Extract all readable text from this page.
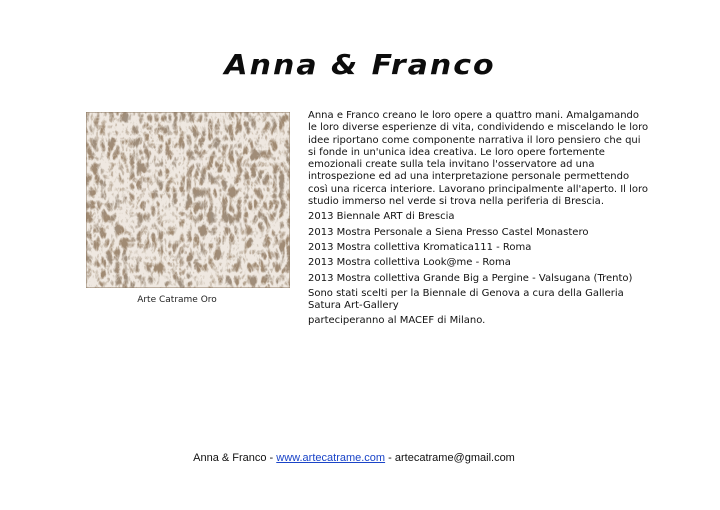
Anna & Franco
Arte Catrame Oro

Anna e Franco creano le loro opere a quattro mani. Amalgamando le loro diverse esperienze di vita, condividendo e miscelando le loro idee riportano come componente narrativa il loro pensiero che qui si fonde in un'unica idea creativa. Le loro opere fortemente emozionali create sulla tela invitano l'osservatore ad una introspezione ed ad una interpretazione personale permettendo così una ricerca interiore. Lavorano principalmente all'aperto. Il loro studio immerso nel verde si trova nella periferia di Brescia.

2013 Biennale ART di Brescia

2013 Mostra Personale a Siena Presso Castel Monastero

2013 Mostra collettiva Kromatica111 - Roma

2013 Mostra collettiva Look@me - Roma

2013 Mostra collettiva Grande Big a Pergine - Valsugana (Trento)

Sono stati scelti per la Biennale di Genova a cura della Galleria Satura Art-Gallery

parteciperanno al MACEF di Milano.

Anna & Franco - www.artecatrame.com - artecatrame@gmail.com
